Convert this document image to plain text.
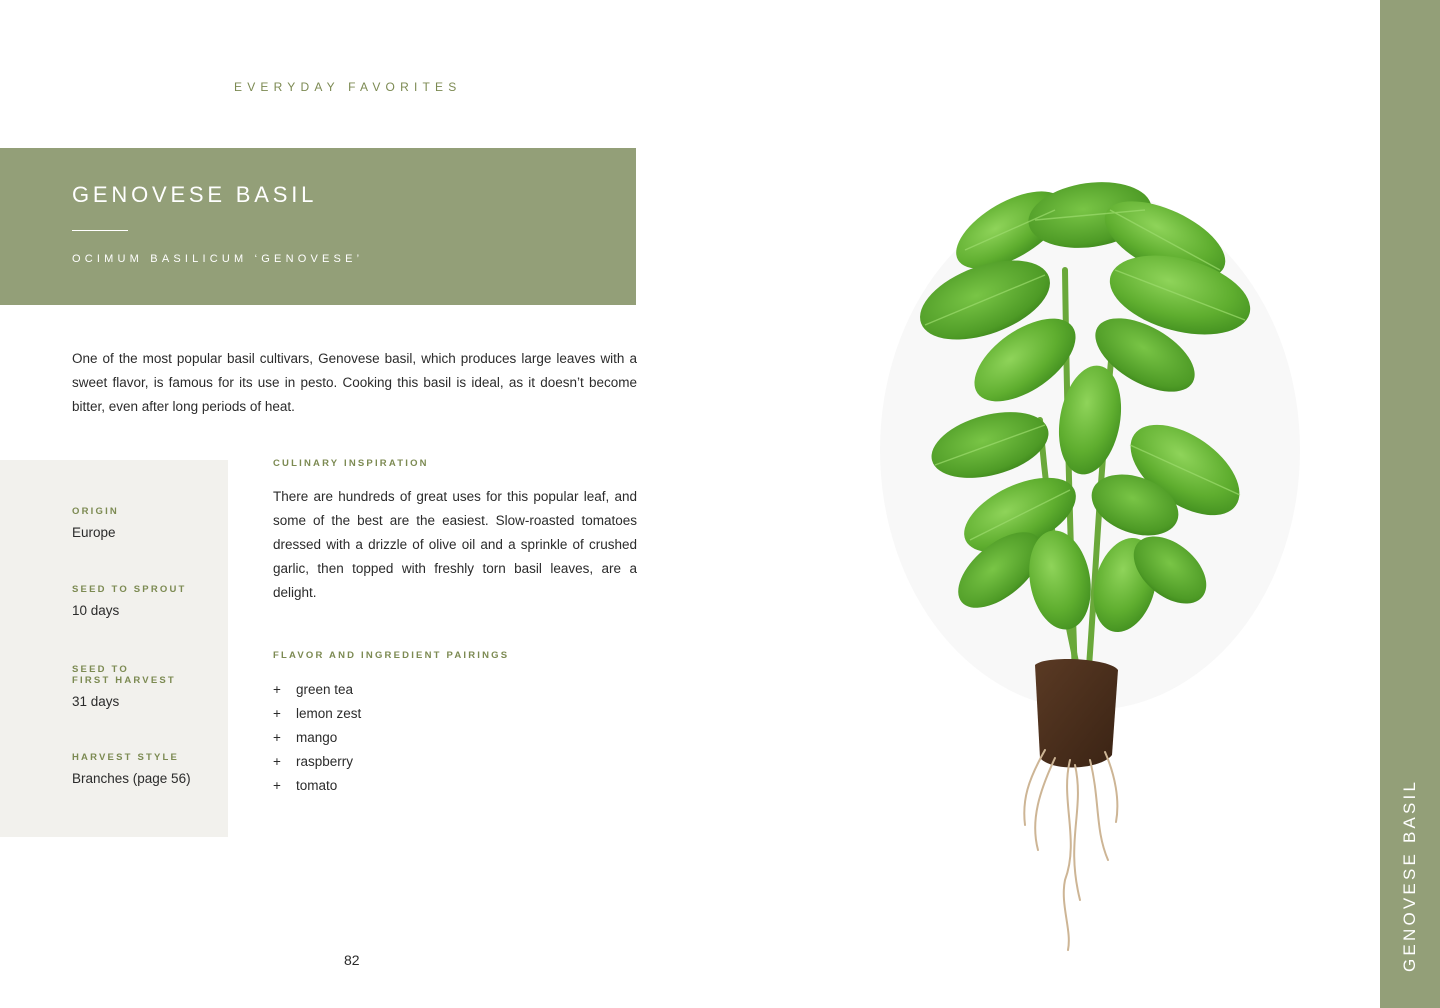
EVERYDAY FAVORITES
GENOVESE BASIL
OCIMUM BASILICUM ‘GENOVESE’

One of the most popular basil cultivars, Genovese basil, which produces large leaves with a sweet flavor, is famous for its use in pesto. Cooking this basil is ideal, as it doesn’t become bitter, even after long periods of heat.

ORIGIN
Europe
SEED TO SPROUT
10 days
SEED TO
FIRST HARVEST
31 days
HARVEST STYLE
Branches (page 56)
CULINARY INSPIRATION

There are hundreds of great uses for this popular leaf, and some of the best are the easiest. Slow-roasted tomatoes dressed with a drizzle of olive oil and a sprinkle of crushed garlic, then topped with freshly torn basil leaves, are a delight.

FLAVOR AND INGREDIENT PAIRINGS
+	green tea
+	lemon zest
+	mango
+	raspberry
+	tomato
82	GENOVESE BASIL
